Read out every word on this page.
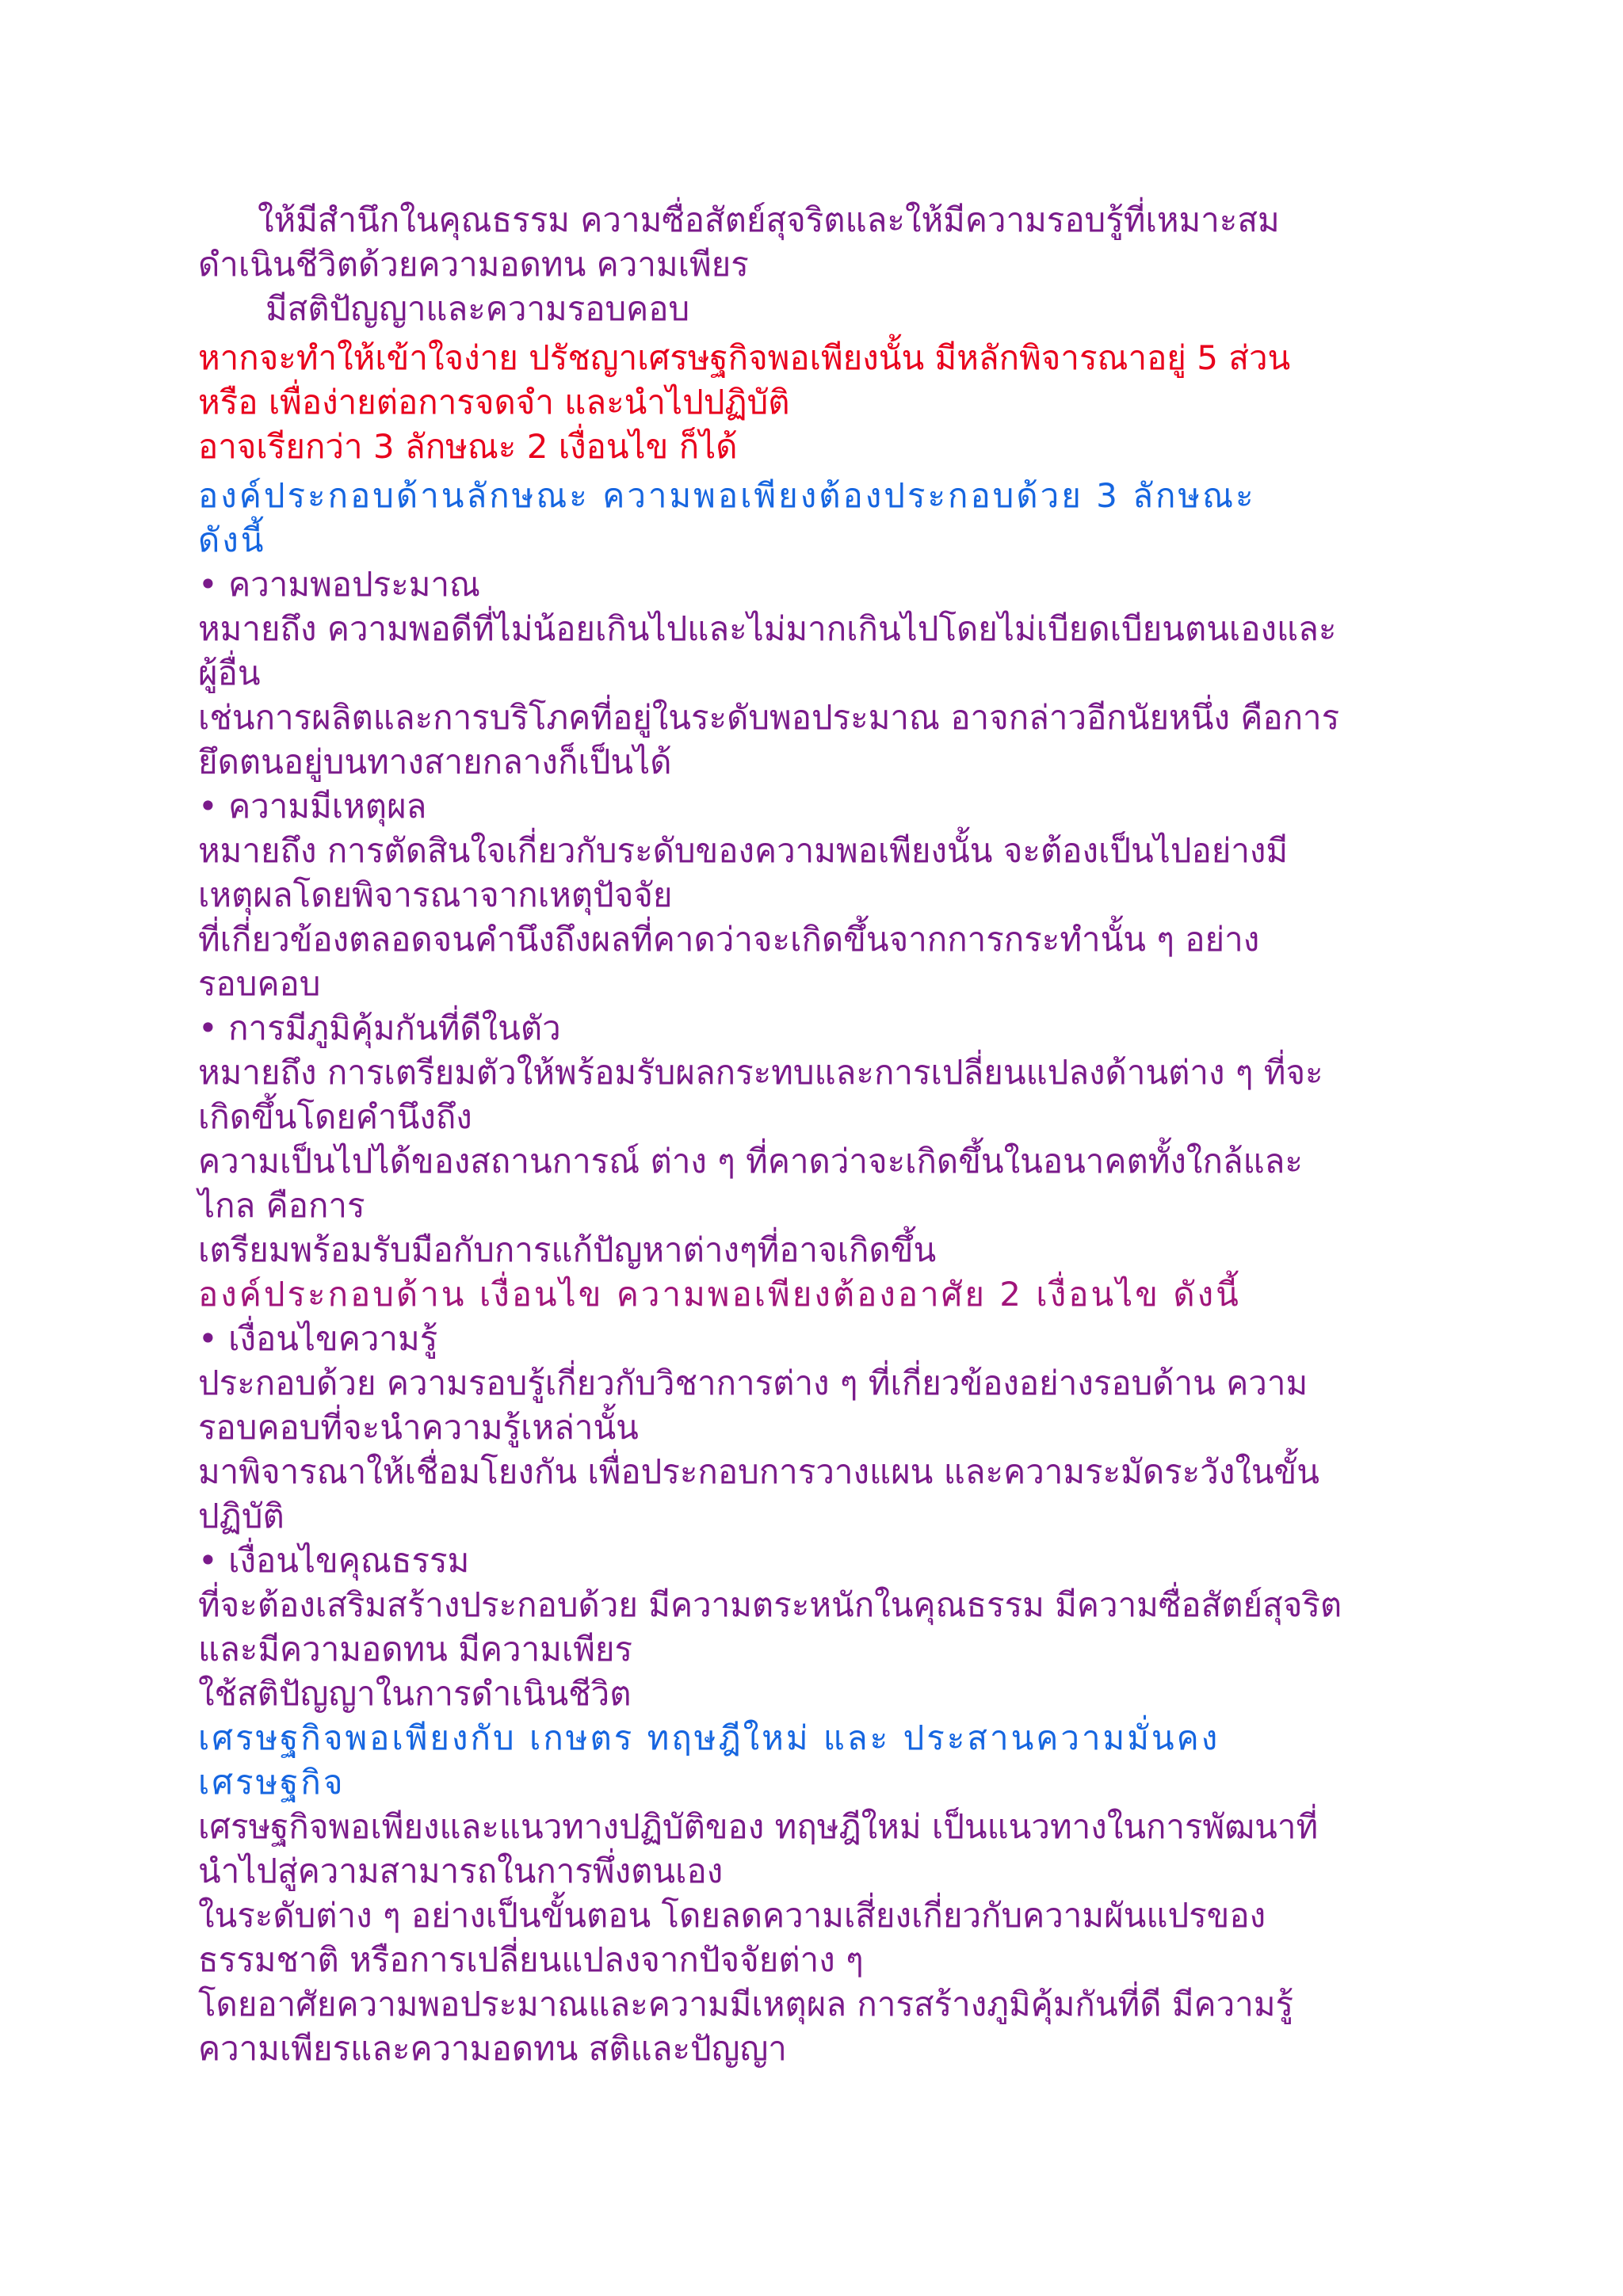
ให้มีสำนึกในคุณธรรม ความซื่อสัตย์สุจริตและให้มีความรอบรู้ที่เหมาะสม
ดำเนินชีวิตด้วยความอดทน ความเพียร
มีสติปัญญาและความรอบคอบ
หากจะทำให้เข้าใจง่าย ปรัชญาเศรษฐกิจพอเพียงนั้น มีหลักพิจารณาอยู่ 5 ส่วน
หรือ เพื่อง่ายต่อการจดจำ และนำไปปฏิบัติ
อาจเรียกว่า 3 ลักษณะ 2 เงื่อนไข ก็ได้
องค์ประกอบด้านลักษณะ ความพอเพียงต้องประกอบด้วย 3 ลักษณะ
ดังนี้
• ความพอประมาณ
หมายถึง ความพอดีที่ไม่น้อยเกินไปและไม่มากเกินไปโดยไม่เบียดเบียนตนเองและ
ผู้อื่น
เช่นการผลิตและการบริโภคที่อยู่ในระดับพอประมาณ อาจกล่าวอีกนัยหนึ่ง คือการ
ยึดตนอยู่บนทางสายกลางก็เป็นได้
• ความมีเหตุผล
หมายถึง การตัดสินใจเกี่ยวกับระดับของความพอเพียงนั้น จะต้องเป็นไปอย่างมี
เหตุผลโดยพิจารณาจากเหตุปัจจัย
ที่เกี่ยวข้องตลอดจนคำนึงถึงผลที่คาดว่าจะเกิดขึ้นจากการกระทำนั้น ๆ อย่าง
รอบคอบ
• การมีภูมิคุ้มกันที่ดีในตัว
หมายถึง การเตรียมตัวให้พร้อมรับผลกระทบและการเปลี่ยนแปลงด้านต่าง ๆ ที่จะ
เกิดขึ้นโดยคำนึงถึง
ความเป็นไปได้ของสถานการณ์ ต่าง ๆ ที่คาดว่าจะเกิดขึ้นในอนาคตทั้งใกล้และ
ไกล คือการ
เตรียมพร้อมรับมือกับการแก้ปัญหาต่างๆที่อาจเกิดขึ้น
องค์ประกอบด้าน เงื่อนไข ความพอเพียงต้องอาศัย 2 เงื่อนไข ดังนี้
• เงื่อนไขความรู้
ประกอบด้วย ความรอบรู้เกี่ยวกับวิชาการต่าง ๆ ที่เกี่ยวข้องอย่างรอบด้าน ความ
รอบคอบที่จะนำความรู้เหล่านั้น
มาพิจารณาให้เชื่อมโยงกัน เพื่อประกอบการวางแผน และความระมัดระวังในขั้น
ปฏิบัติ
• เงื่อนไขคุณธรรม
ที่จะต้องเสริมสร้างประกอบด้วย มีความตระหนักในคุณธรรม มีความซื่อสัตย์สุจริต
และมีความอดทน มีความเพียร
ใช้สติปัญญาในการดำเนินชีวิต
เศรษฐกิจพอเพียงกับ เกษตร ทฤษฎีใหม่ และ ประสานความมั่นคง
เศรษฐกิจ
เศรษฐกิจพอเพียงและแนวทางปฏิบัติของ ทฤษฎีใหม่ เป็นแนวทางในการพัฒนาที่
นำไปสู่ความสามารถในการพึ่งตนเอง
ในระดับต่าง ๆ อย่างเป็นขั้นตอน โดยลดความเสี่ยงเกี่ยวกับความผันแปรของ
ธรรมชาติ หรือการเปลี่ยนแปลงจากปัจจัยต่าง ๆ
โดยอาศัยความพอประมาณและความมีเหตุผล การสร้างภูมิคุ้มกันที่ดี มีความรู้
ความเพียรและความอดทน สติและปัญญา
